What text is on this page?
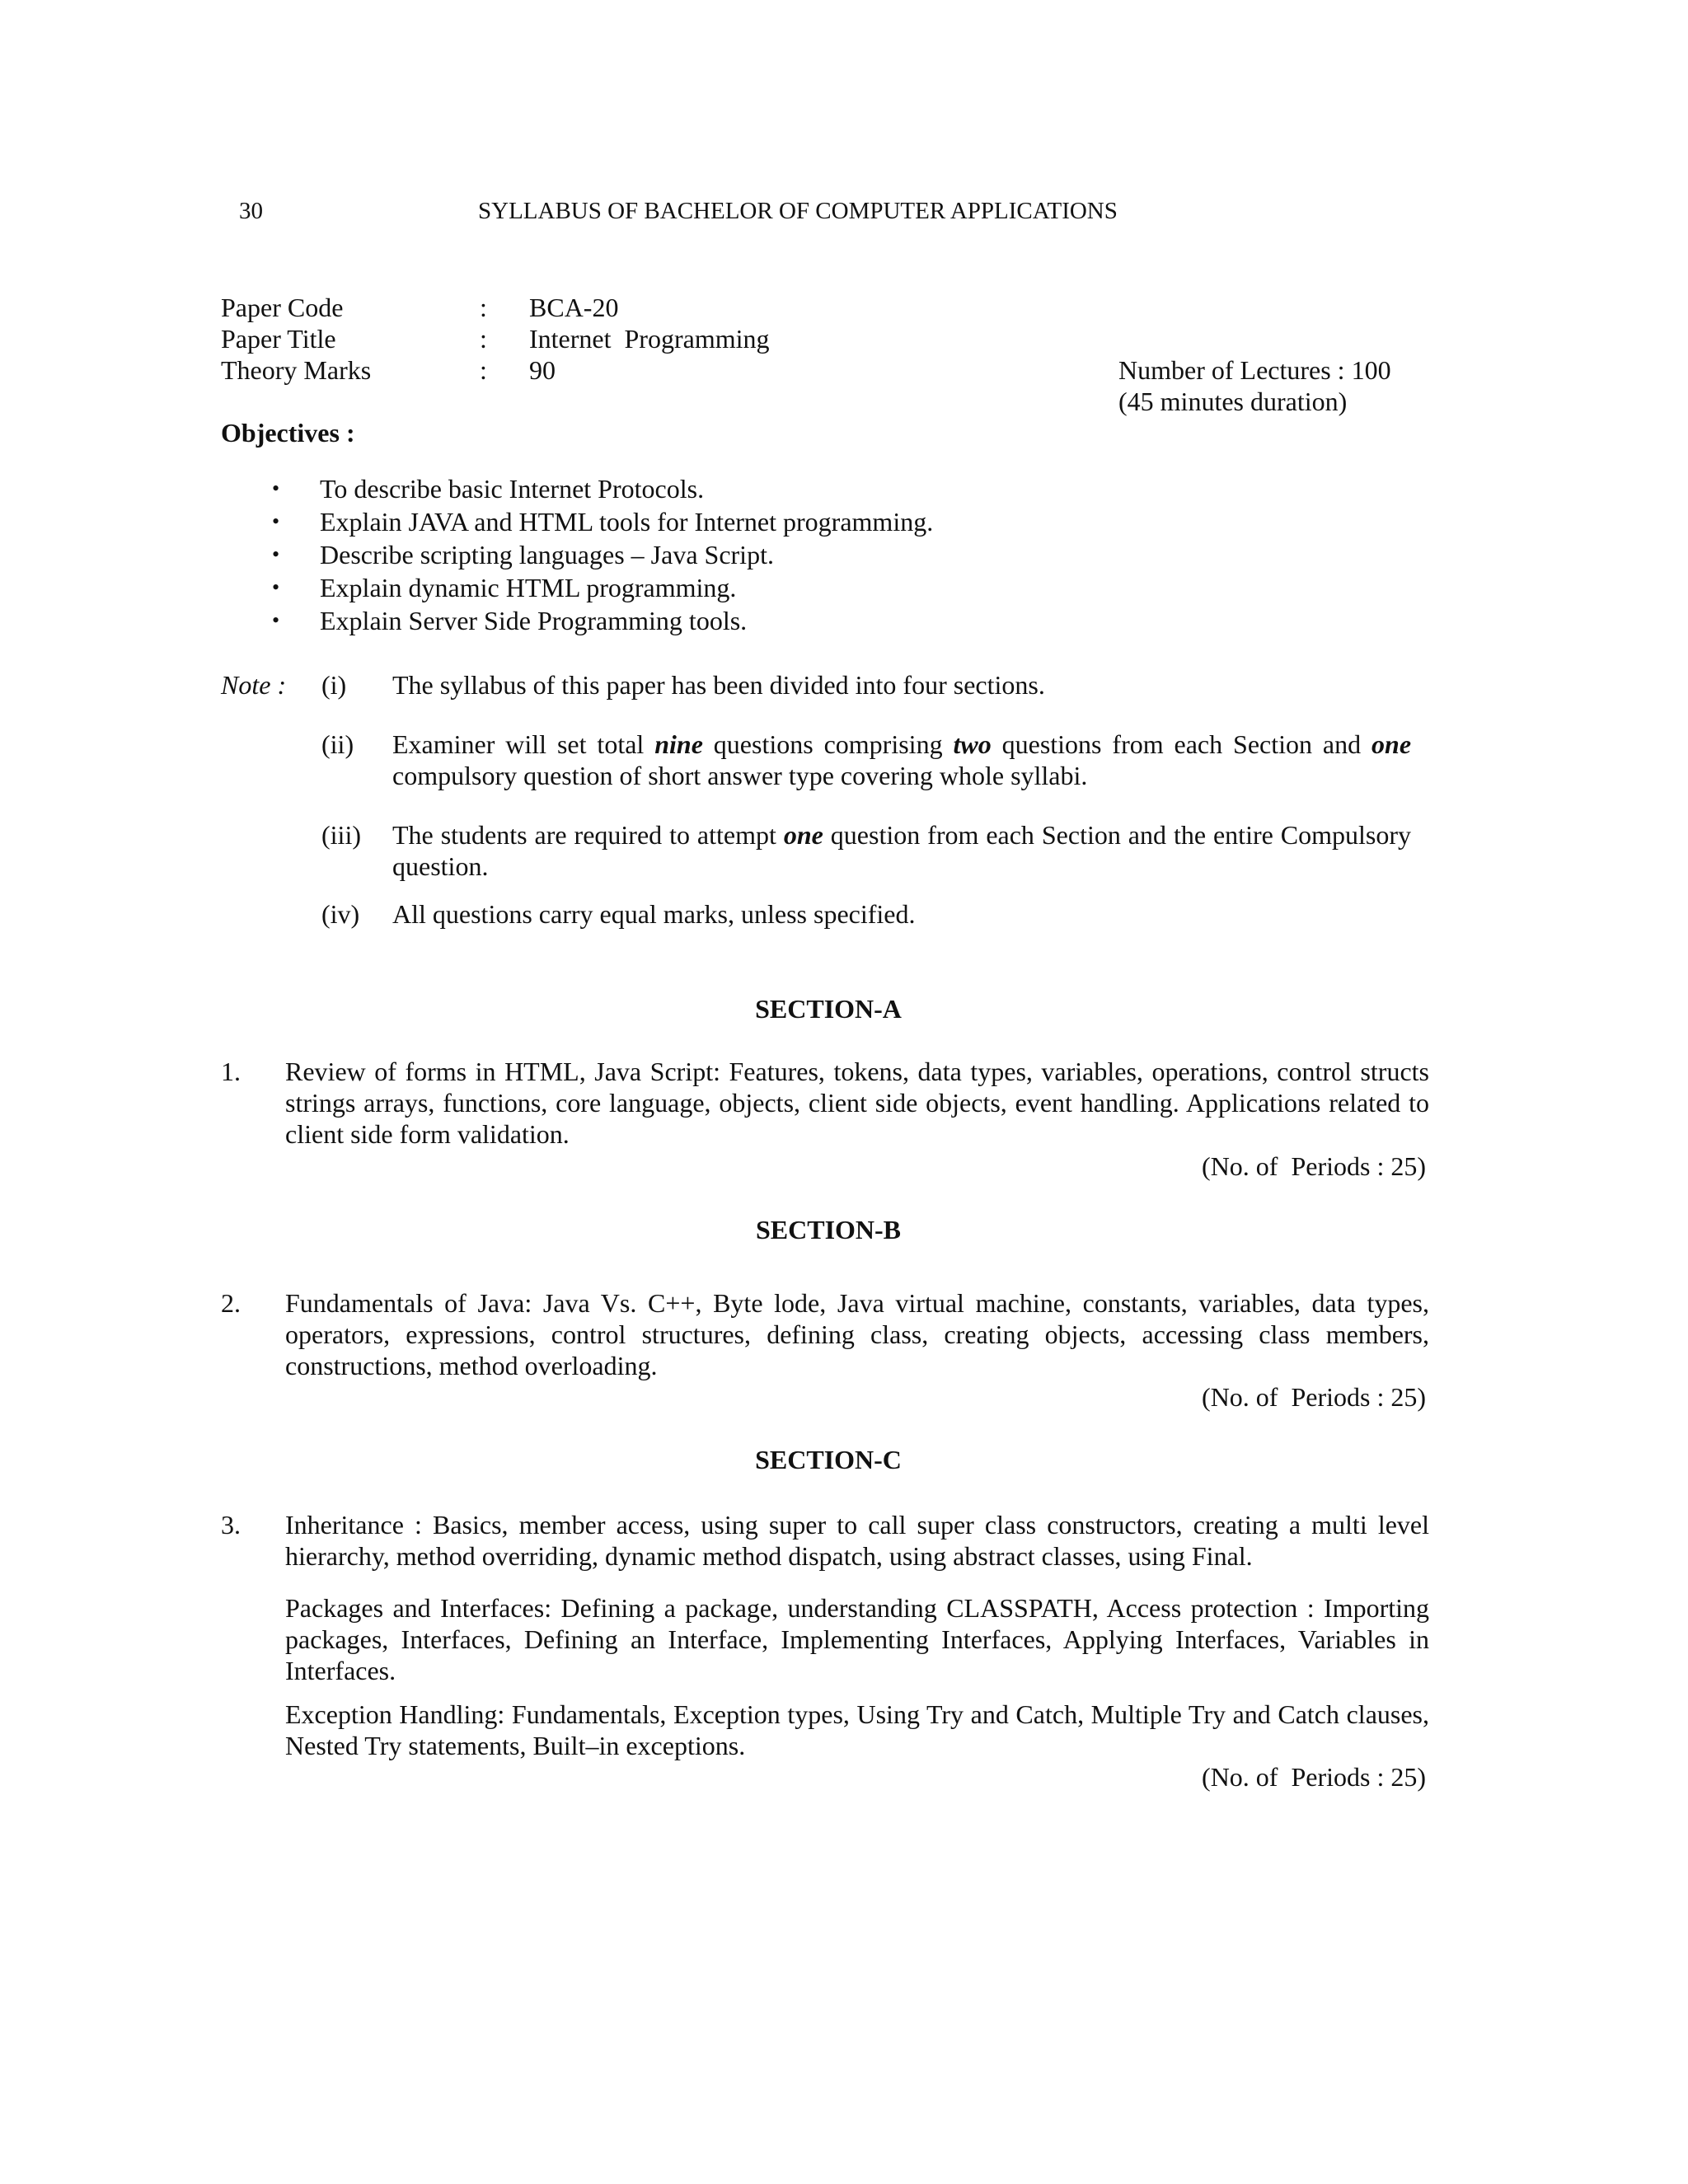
30	SYLLABUS OF BACHELOR OF COMPUTER APPLICATIONS
Paper Code	: BCA-20
Paper Title	: Internet  Programming
Theory Marks	: 90	Number of Lectures : 100
(45 minutes duration)
Objectives :
• To describe basic Internet Protocols.
• Explain JAVA and HTML tools for Internet programming.
• Describe scripting languages – Java Script.
• Explain dynamic HTML programming.
• Explain Server Side Programming tools.
Note : (i) The syllabus of this paper has been divided into four sections.
(ii) Examiner will set total nine questions comprising two questions from each Section and one compulsory question of short answer type covering whole syllabi.
(iii) The students are required to attempt one question from each Section and the entire Compulsory question.
(iv) All questions carry equal marks, unless specified.
SECTION-A
1. Review of forms in HTML, Java Script: Features, tokens, data types, variables, operations, control structs strings arrays, functions, core language, objects, client side objects, event handling. Applications related to client side form validation.
(No. of  Periods : 25)
SECTION-B
2. Fundamentals of Java: Java Vs. C++, Byte lode, Java virtual machine, constants, variables, data types, operators, expressions, control structures, defining class, creating objects, accessing class members, constructions, method overloading.
(No. of  Periods : 25)
SECTION-C
3. Inheritance : Basics, member access, using super to call super class constructors, creating a multi level hierarchy, method overriding, dynamic method dispatch, using abstract classes, using Final.
Packages and Interfaces: Defining a package, understanding CLASSPATH, Access protection : Importing packages, Interfaces, Defining an Interface, Implementing Interfaces, Applying Interfaces, Variables in Interfaces.
Exception Handling: Fundamentals, Exception types, Using Try and Catch, Multiple Try and Catch clauses, Nested Try statements, Built–in exceptions.
(No. of  Periods : 25)
